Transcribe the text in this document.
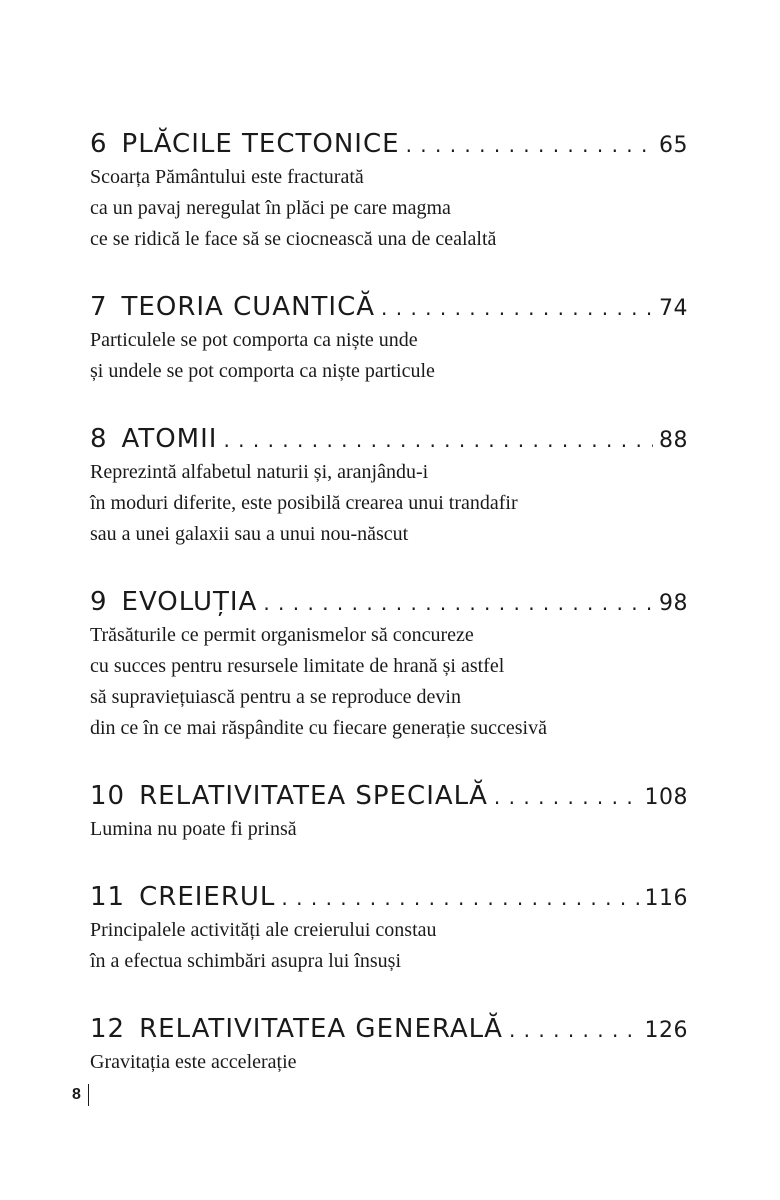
6 PLĂCILE TECTONICE . . .	65
Scoarța Pământului este fracturată
ca un pavaj neregulat în plăci pe care magma
ce se ridică le face să se ciocnească una de cealaltă
7 TEORIA CUANTICĂ . . .	74
Particulele se pot comporta ca niște unde
și undele se pot comporta ca niște particule
8 ATOMII . . .	88
Reprezintă alfabetul naturii și, aranjându-i
în moduri diferite, este posibilă crearea unui trandafir
sau a unei galaxii sau a unui nou-născut
9 EVOLUȚIA . . .	98
Trăsăturile ce permit organismelor să concureze
cu succes pentru resursele limitate de hrană și astfel
să supraviețuiască pentru a se reproduce devin
din ce în ce mai răspândite cu fiecare generație succesivă
10 RELATIVITATEA SPECIALĂ . . .	108
Lumina nu poate fi prinsă
11 CREIERUL . . .	116
Principalele activități ale creierului constau
în a efectua schimbări asupra lui însuși
12 RELATIVITATEA GENERALĂ . . .	126
Gravitația este accelerație
8
